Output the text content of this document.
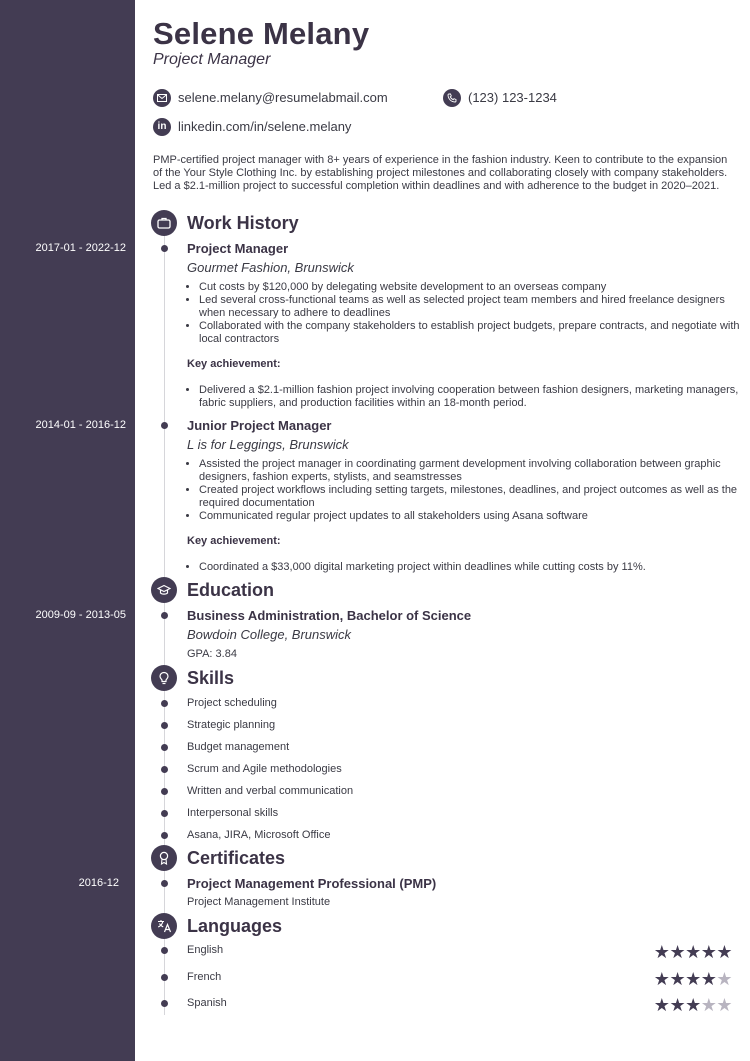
Selene Melany
Project Manager
selene.melany@resumelabmail.com	(123) 123-1234
in linkedin.com/in/selene.melany
PMP-certified project manager with 8+ years of experience in the fashion industry. Keen to contribute to the expansion of the Your Style Clothing Inc. by establishing project milestones and collaborating closely with company stakeholders. Led a $2.1-million project to successful completion within deadlines and with adherence to the budget in 2020–2021.
Work History
2017-01 - 2022-12	Project Manager
Gourmet Fashion, Brunswick
• Cut costs by $120,000 by delegating website development to an overseas company
• Led several cross-functional teams as well as selected project team members and hired freelance designers when necessary to adhere to deadlines
• Collaborated with the company stakeholders to establish project budgets, prepare contracts, and negotiate with local contractors
Key achievement:
• Delivered a $2.1-million fashion project involving cooperation between fashion designers, marketing managers, fabric suppliers, and production facilities within an 18-month period.
2014-01 - 2016-12	Junior Project Manager
L is for Leggings, Brunswick
• Assisted the project manager in coordinating garment development involving collaboration between graphic designers, fashion experts, stylists, and seamstresses
• Created project workflows including setting targets, milestones, deadlines, and project outcomes as well as the required documentation
• Communicated regular project updates to all stakeholders using Asana software
Key achievement:
• Coordinated a $33,000 digital marketing project within deadlines while cutting costs by 11%.
Education
2009-09 - 2013-05	Business Administration, Bachelor of Science
Bowdoin College, Brunswick
GPA: 3.84
Skills
Project scheduling
Strategic planning
Budget management
Scrum and Agile methodologies
Written and verbal communication
Interpersonal skills
Asana, JIRA, Microsoft Office
Certificates
2016-12	Project Management Professional (PMP)
Project Management Institute
Languages
English	★★★★★
French	★★★★★
Spanish	★★★★★
